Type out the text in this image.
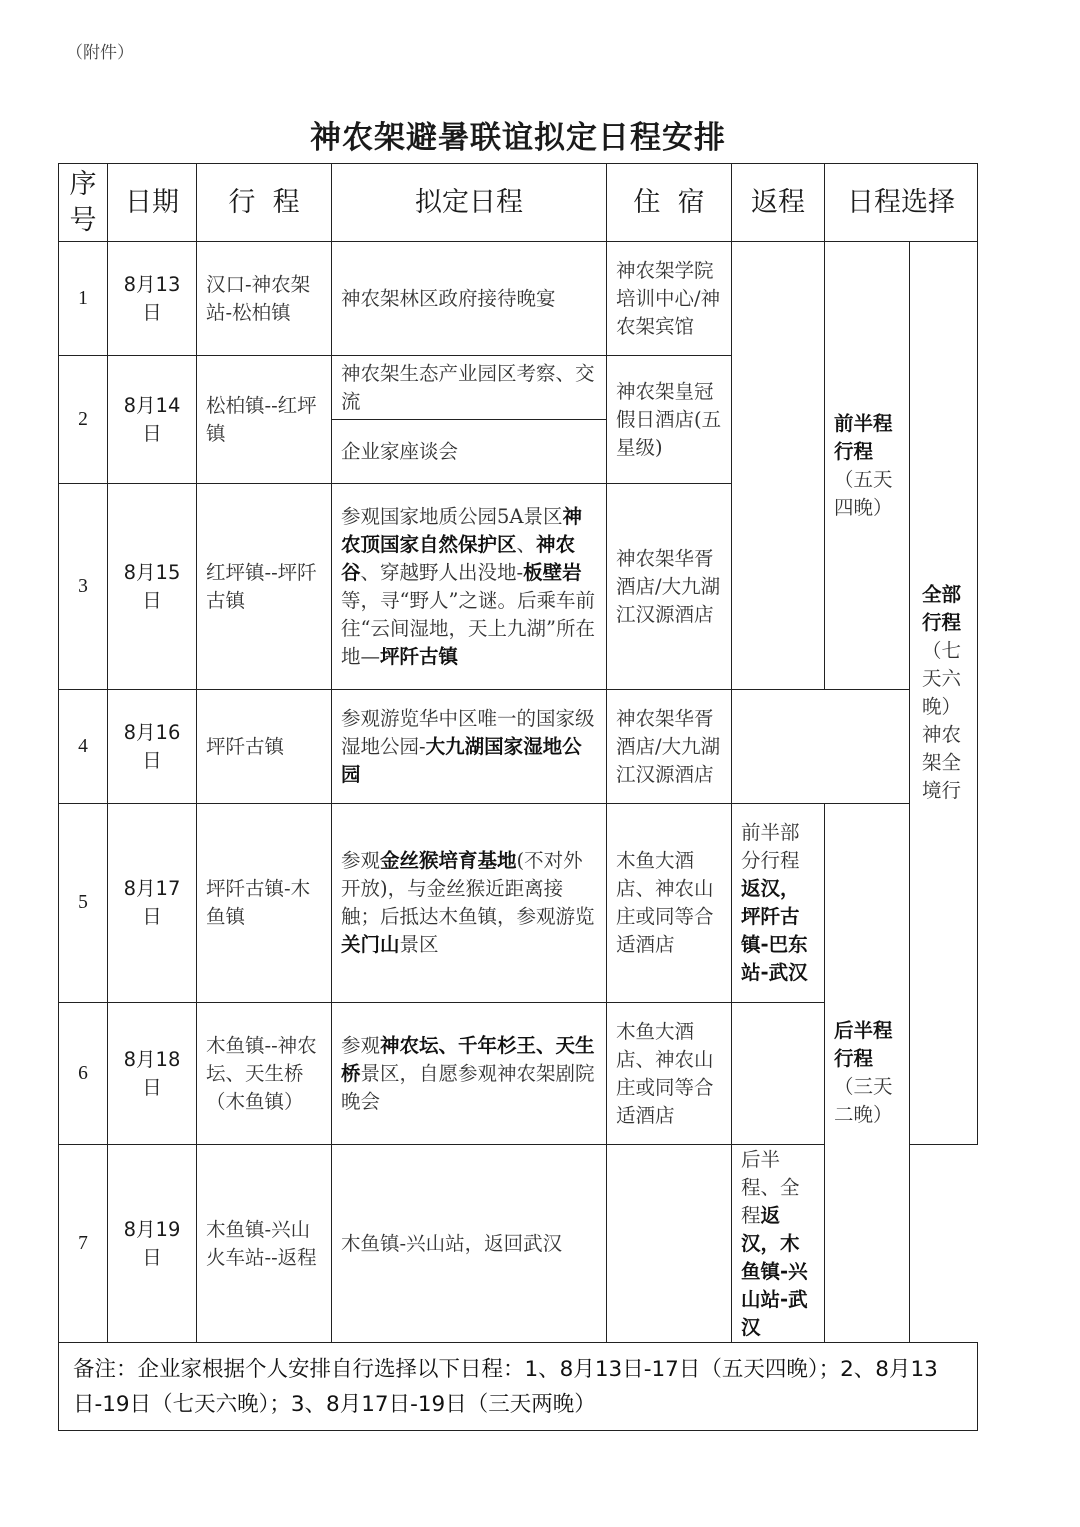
（附件）
神农架避暑联谊拟定日程安排
序号	日期	行  程	拟定日程	住  宿	返程	日程选择	
1	8月13日	汉口-神农架站-松柏镇	神农架林区政府接待晚宴	神农架学院培训中心/神农架宾馆		前半程行程（五天四晚）	全部行程（七天六晚）神农架全境行
2	8月14日	松柏镇--红坪镇	神农架生态产业园区考察、交流	神农架皇冠假日酒店(五星级)			
			企业家座谈会				
3	8月15日	红坪镇--坪阡古镇	参观国家地质公园5A景区神农顶国家自然保护区、神农谷、穿越野人出没地-板壁岩等，寻“野人”之谜。后乘车前往“云间湿地，天上九湖”所在地—坪阡古镇	神农架华胥酒店/大九湖江汉源酒店			
4	8月16日	坪阡古镇	参观游览华中区唯一的国家级湿地公园-大九湖国家湿地公园	神农架华胥酒店/大九湖江汉源酒店			
5	8月17日	坪阡古镇-木鱼镇	参观金丝猴培育基地(不对外开放)，与金丝猴近距离接触；后抵达木鱼镇，参观游览关门山景区	木鱼大酒店、神农山庄或同等合适酒店	前半部分行程返汉，坪阡古镇-巴东站-武汉	后半程行程（三天二晚）	
6	8月18日	木鱼镇--神农坛、天生桥（木鱼镇）	参观神农坛、千年杉王、天生桥景区，自愿参观神农架剧院晚会	木鱼大酒店、神农山庄或同等合适酒店			
7	8月19日	木鱼镇-兴山火车站--返程	木鱼镇-兴山站，返回武汉		后半程、全程返汉，木鱼镇-兴山站-武汉		
备注：企业家根据个人安排自行选择以下日程：1、8月13日-17日（五天四晚）；2、8月13日-19日（七天六晚）；3、8月17日-19日（三天两晚）							
